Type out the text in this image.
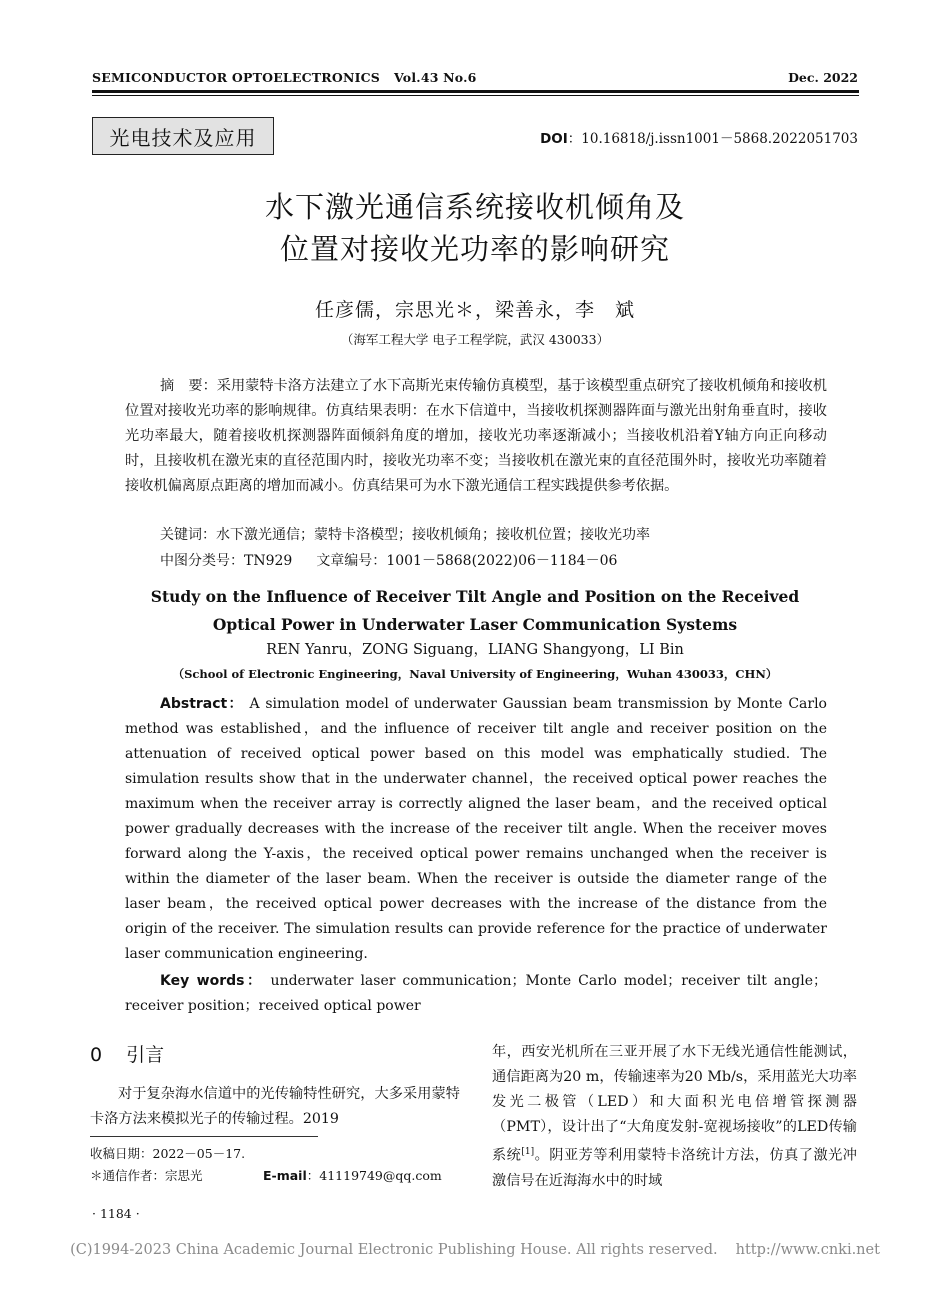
SEMICONDUCTOR OPTOELECTRONICS Vol.43 No.6	Dec. 2022
光电技术及应用	DOI：10.16818/j.issn1001－5868.2022051703
水下激光通信系统接收机倾角及
位置对接收光功率的影响研究
任彦儒，宗思光＊，梁善永，李　斌
（海军工程大学 电子工程学院，武汉 430033）
摘　要：采用蒙特卡洛方法建立了水下高斯光束传输仿真模型，基于该模型重点研究了接收机倾角和接收机位置对接收光功率的影响规律。仿真结果表明：在水下信道中，当接收机探测器阵面与激光出射角垂直时，接收光功率最大，随着接收机探测器阵面倾斜角度的增加，接收光功率逐渐减小；当接收机沿着Y轴方向正向移动时，且接收机在激光束的直径范围内时，接收光功率不变；当接收机在激光束的直径范围外时，接收光功率随着接收机偏离原点距离的增加而减小。仿真结果可为水下激光通信工程实践提供参考依据。
关键词：水下激光通信；蒙特卡洛模型；接收机倾角；接收机位置；接收光功率
中图分类号：TN929 文章编号：1001－5868(2022)06－1184－06
Study on the Influence of Receiver Tilt Angle and Position on the Received
Optical Power in Underwater Laser Communication Systems
REN Yanru，ZONG Siguang，LIANG Shangyong，LI Bin
（School of Electronic Engineering，Naval University of Engineering，Wuhan 430033，CHN）
Abstract： A simulation model of underwater Gaussian beam transmission by Monte Carlo method was established，and the influence of receiver tilt angle and receiver position on the attenuation of received optical power based on this model was emphatically studied. The simulation results show that in the underwater channel，the received optical power reaches the maximum when the receiver array is correctly aligned the laser beam，and the received optical power gradually decreases with the increase of the receiver tilt angle. When the receiver moves forward along the Y-axis，the received optical power remains unchanged when the receiver is within the diameter of the laser beam. When the receiver is outside the diameter range of the laser beam，the received optical power decreases with the increase of the distance from the origin of the receiver. The simulation results can provide reference for the practice of underwater laser communication engineering.
Key words： underwater laser communication；Monte Carlo model；receiver tilt angle；receiver position；received optical power
0 引言
对于复杂海水信道中的光传输特性研究，大多采用蒙特卡洛方法来模拟光子的传输过程。2019
收稿日期：2022－05－17.
＊通信作者：宗思光	E-mail：41119749@qq.com
· 1184 ·
年，西安光机所在三亚开展了水下无线光通信性能测试，通信距离为20 m，传输速率为20 Mb/s，采用蓝光大功率发光二极管（LED）和大面积光电倍增管探测器（PMT），设计出了“大角度发射-宽视场接收”的LED传输系统[1]。阴亚芳等利用蒙特卡洛统计方法，仿真了激光冲激信号在近海海水中的时域
(C)1994-2023 China Academic Journal Electronic Publishing House. All rights reserved. http://www.cnki.net
